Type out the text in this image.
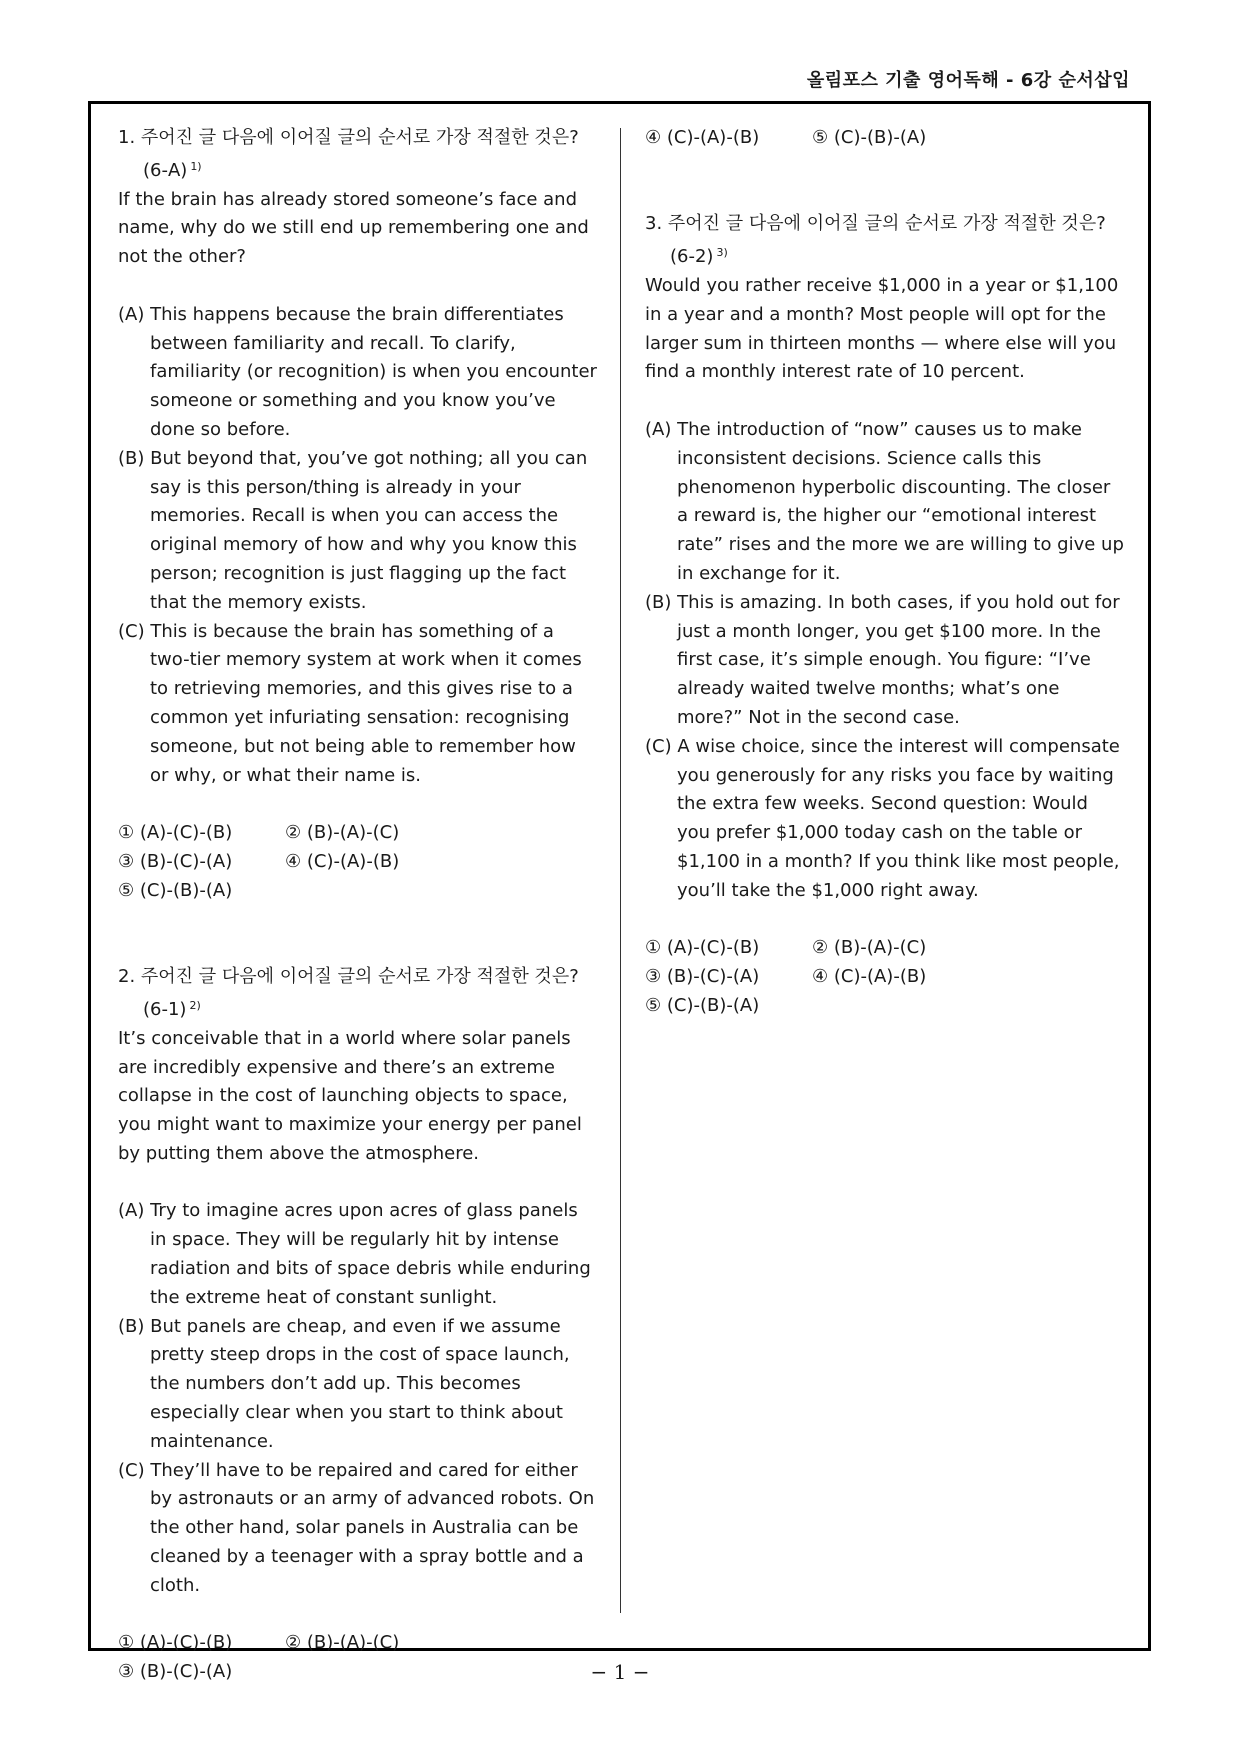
올림포스 기출 영어독해 - 6강 순서삽입

1. 주어진 글 다음에 이어질 글의 순서로 가장 적절한 것은? (6-A) $^{1)}$

If the brain has already stored someone’s face and name, why do we still end up remembering one and not the other?

(A) This happens because the brain differentiates between familiarity and recall. To clarify, familiarity (or recognition) is when you encounter someone or something and you know you’ve done so before.

(B) But beyond that, you’ve got nothing; all you can say is this person/thing is already in your memories. Recall is when you can access the original memory of how and why you know this person; recognition is just flagging up the fact that the memory exists.

(C) This is because the brain has something of a two-tier memory system at work when it comes to retrieving memories, and this gives rise to a common yet infuriating sensation: recognising someone, but not being able to remember how or why, or what their name is.

① (A)-(C)-(B)	② (B)-(A)-(C)
③ (B)-(C)-(A)	④ (C)-(A)-(B)
⑤ (C)-(B)-(A)

2. 주어진 글 다음에 이어질 글의 순서로 가장 적절한 것은? (6-1) $^{2)}$

It’s conceivable that in a world where solar panels are incredibly expensive and there’s an extreme collapse in the cost of launching objects to space, you might want to maximize your energy per panel by putting them above the atmosphere.

(A) Try to imagine acres upon acres of glass panels in space. They will be regularly hit by intense radiation and bits of space debris while enduring the extreme heat of constant sunlight.

(B) But panels are cheap, and even if we assume pretty steep drops in the cost of space launch, the numbers don’t add up. This becomes especially clear when you start to think about maintenance.

(C) They’ll have to be repaired and cared for either by astronauts or an army of advanced robots. On the other hand, solar panels in Australia can be cleaned by a teenager with a spray bottle and a cloth.

① (A)-(C)-(B)	② (B)-(A)-(C)
③ (B)-(C)-(A)
④ (C)-(A)-(B)	⑤ (C)-(B)-(A)

3. 주어진 글 다음에 이어질 글의 순서로 가장 적절한 것은? (6-2) $^{3)}$

Would you rather receive $1,000 in a year or $1,100 in a year and a month? Most people will opt for the larger sum in thirteen months — where else will you find a monthly interest rate of 10 percent.

(A) The introduction of “now” causes us to make inconsistent decisions. Science calls this phenomenon hyperbolic discounting. The closer a reward is, the higher our “emotional interest rate” rises and the more we are willing to give up in exchange for it.

(B) This is amazing. In both cases, if you hold out for just a month longer, you get $100 more. In the first case, it’s simple enough. You figure: “I’ve already waited twelve months; what’s one more?” Not in the second case.

(C) A wise choice, since the interest will compensate you generously for any risks you face by waiting the extra few weeks. Second question: Would you prefer $1,000 today cash on the table or $1,100 in a month? If you think like most people, you’ll take the $1,000 right away.

① (A)-(C)-(B)	② (B)-(A)-(C)
③ (B)-(C)-(A)	④ (C)-(A)-(B)
⑤ (C)-(B)-(A)
− 1 −
